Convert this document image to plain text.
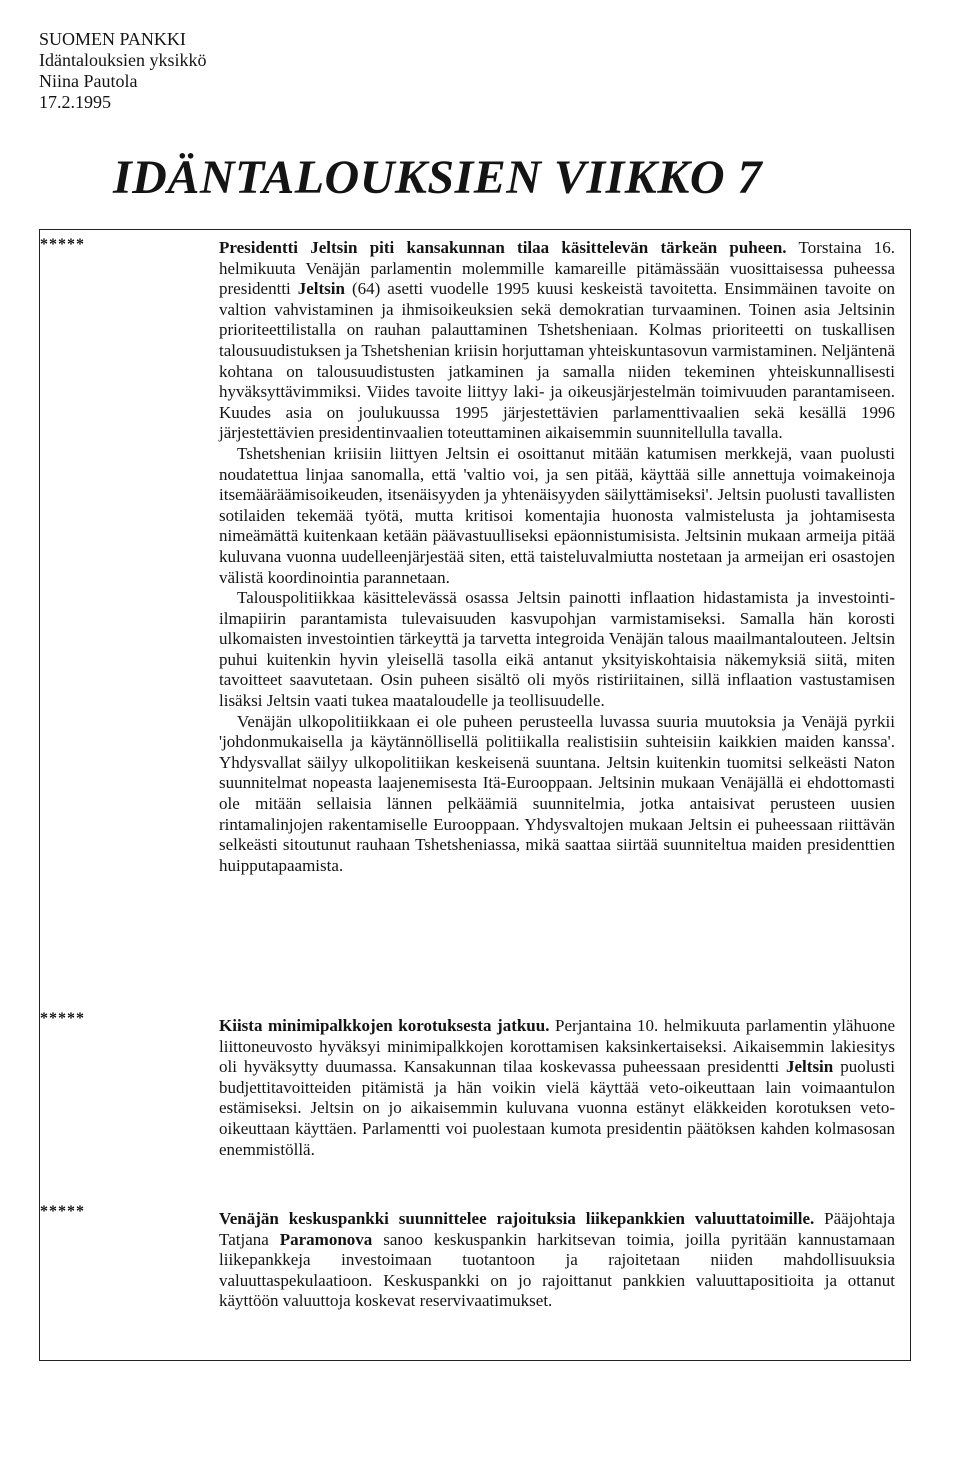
SUOMEN PANKKI
Idäntalouksien yksikkö
Niina Pautola
17.2.1995
IDÄNTALOUKSIEN VIIKKO 7
*****	Presidentti Jeltsin piti kansakunnan tilaa käsittelevän tärkeän puheen. Torstaina 16. helmikuuta Venäjän parlamentin molemmille kamareille pitämässään vuosittaisessa puheessa presidentti Jeltsin (64) asetti vuodelle 1995 kuusi keskeistä tavoitetta. Ensimmäinen tavoite on valtion vahvistaminen ja ihmisoikeuksien sekä demokratian turvaaminen. Toinen asia Jeltsinin prioriteettilistalla on rauhan palauttaminen Tshetsheniaan. Kolmas prioriteetti on tuskallisen talousuudistuksen ja Tshetshenian kriisin horjuttaman yhteiskuntasovun varmistaminen. Neljäntenä kohtana on talousuudistusten jatkaminen ja samalla niiden tekeminen yhteiskunnallisesti hyväksyttävimmiksi. Viides tavoite liittyy laki- ja oikeusjärjestelmän toimivuuden parantamiseen. Kuudes asia on joulukuussa 1995 järjestettävien parlamenttivaalien sekä kesällä 1996 järjestettävien presidentinvaalien toteuttaminen aikaisemmin suunnitellulla tavalla.

Tshetshenian kriisiin liittyen Jeltsin ei osoittanut mitään katumisen merkkejä, vaan puolusti noudatettua linjaa sanomalla, että 'valtio voi, ja sen pitää, käyttää sille annettuja voimakeinoja itsemääräämisoikeuden, itsenäisyyden ja yhtenäisyyden säilyttämiseksi'. Jeltsin puolusti tavallisten sotilaiden tekemää työtä, mutta kritisoi komentajia huonosta valmistelusta ja johtamisesta nimeämättä kuitenkaan ketään päävastuulliseksi epäonnistumisista. Jeltsinin mukaan armeija pitää kuluvana vuonna uudelleenjärjestää siten, että taisteluvalmiutta nostetaan ja armeijan eri osastojen välistä koordinointia parannetaan.

Talouspolitiikkaa käsittelevässä osassa Jeltsin painotti inflaation hidastamista ja investointi-ilmapiirin parantamista tulevaisuuden kasvupohjan varmistamiseksi. Samalla hän korosti ulkomaisten investointien tärkeyttä ja tarvetta integroida Venäjän talous maailmantalouteen. Jeltsin puhui kuitenkin hyvin yleisellä tasolla eikä antanut yksityiskohtaisia näkemyksiä siitä, miten tavoitteet saavutetaan. Osin puheen sisältö oli myös ristiriitainen, sillä inflaation vastustamisen lisäksi Jeltsin vaati tukea maataloudelle ja teollisuudelle.

Venäjän ulkopolitiikkaan ei ole puheen perusteella luvassa suuria muutoksia ja Venäjä pyrkii 'johdonmukaisella ja käytännöllisellä politiikalla realistisiin suhteisiin kaikkien maiden kanssa'. Yhdysvallat säilyy ulkopolitiikan keskeisenä suuntana. Jeltsin kuitenkin tuomitsi selkeästi Naton suunnitelmat nopeasta laajenemisesta Itä-Eurooppaan. Jeltsinin mukaan Venäjällä ei ehdottomasti ole mitään sellaisia lännen pelkäämiä suunnitelmia, jotka antaisivat perusteen uusien rintamalinjojen rakentamiselle Eurooppaan. Yhdysvaltojen mukaan Jeltsin ei puheessaan riittävän selkeästi sitoutunut rauhaan Tshetsheniassa, mikä saattaa siirtää suunniteltua maiden presidenttien huipputapaamista.

*****	Kiista minimipalkkojen korotuksesta jatkuu. Perjantaina 10. helmikuuta parlamentin ylähuone liittoneuvosto hyväksyi minimipalkkojen korottamisen kaksinkertaiseksi. Aikaisemmin lakiesitys oli hyväksytty duumassa. Kansakunnan tilaa koskevassa puheessaan presidentti Jeltsin puolusti budjettitavoitteiden pitämistä ja hän voikin vielä käyttää veto-oikeuttaan lain voimaantulon estämiseksi. Jeltsin on jo aikaisemmin kuluvana vuonna estänyt eläkkeiden korotuksen veto-oikeuttaan käyttäen. Parlamentti voi puolestaan kumota presidentin päätöksen kahden kolmasosan enemmistöllä.

*****	Venäjän keskuspankki suunnittelee rajoituksia liikepankkien valuuttatoimille. Pääjohtaja Tatjana Paramonova sanoo keskuspankin harkitsevan toimia, joilla pyritään kannustamaan liikepankkeja investoimaan tuotantoon ja rajoitetaan niiden mahdollisuuksia valuuttaspekulaatioon. Keskuspankki on jo rajoittanut pankkien valuuttapositioita ja ottanut käyttöön valuuttoja koskevat reservivaatimukset.
